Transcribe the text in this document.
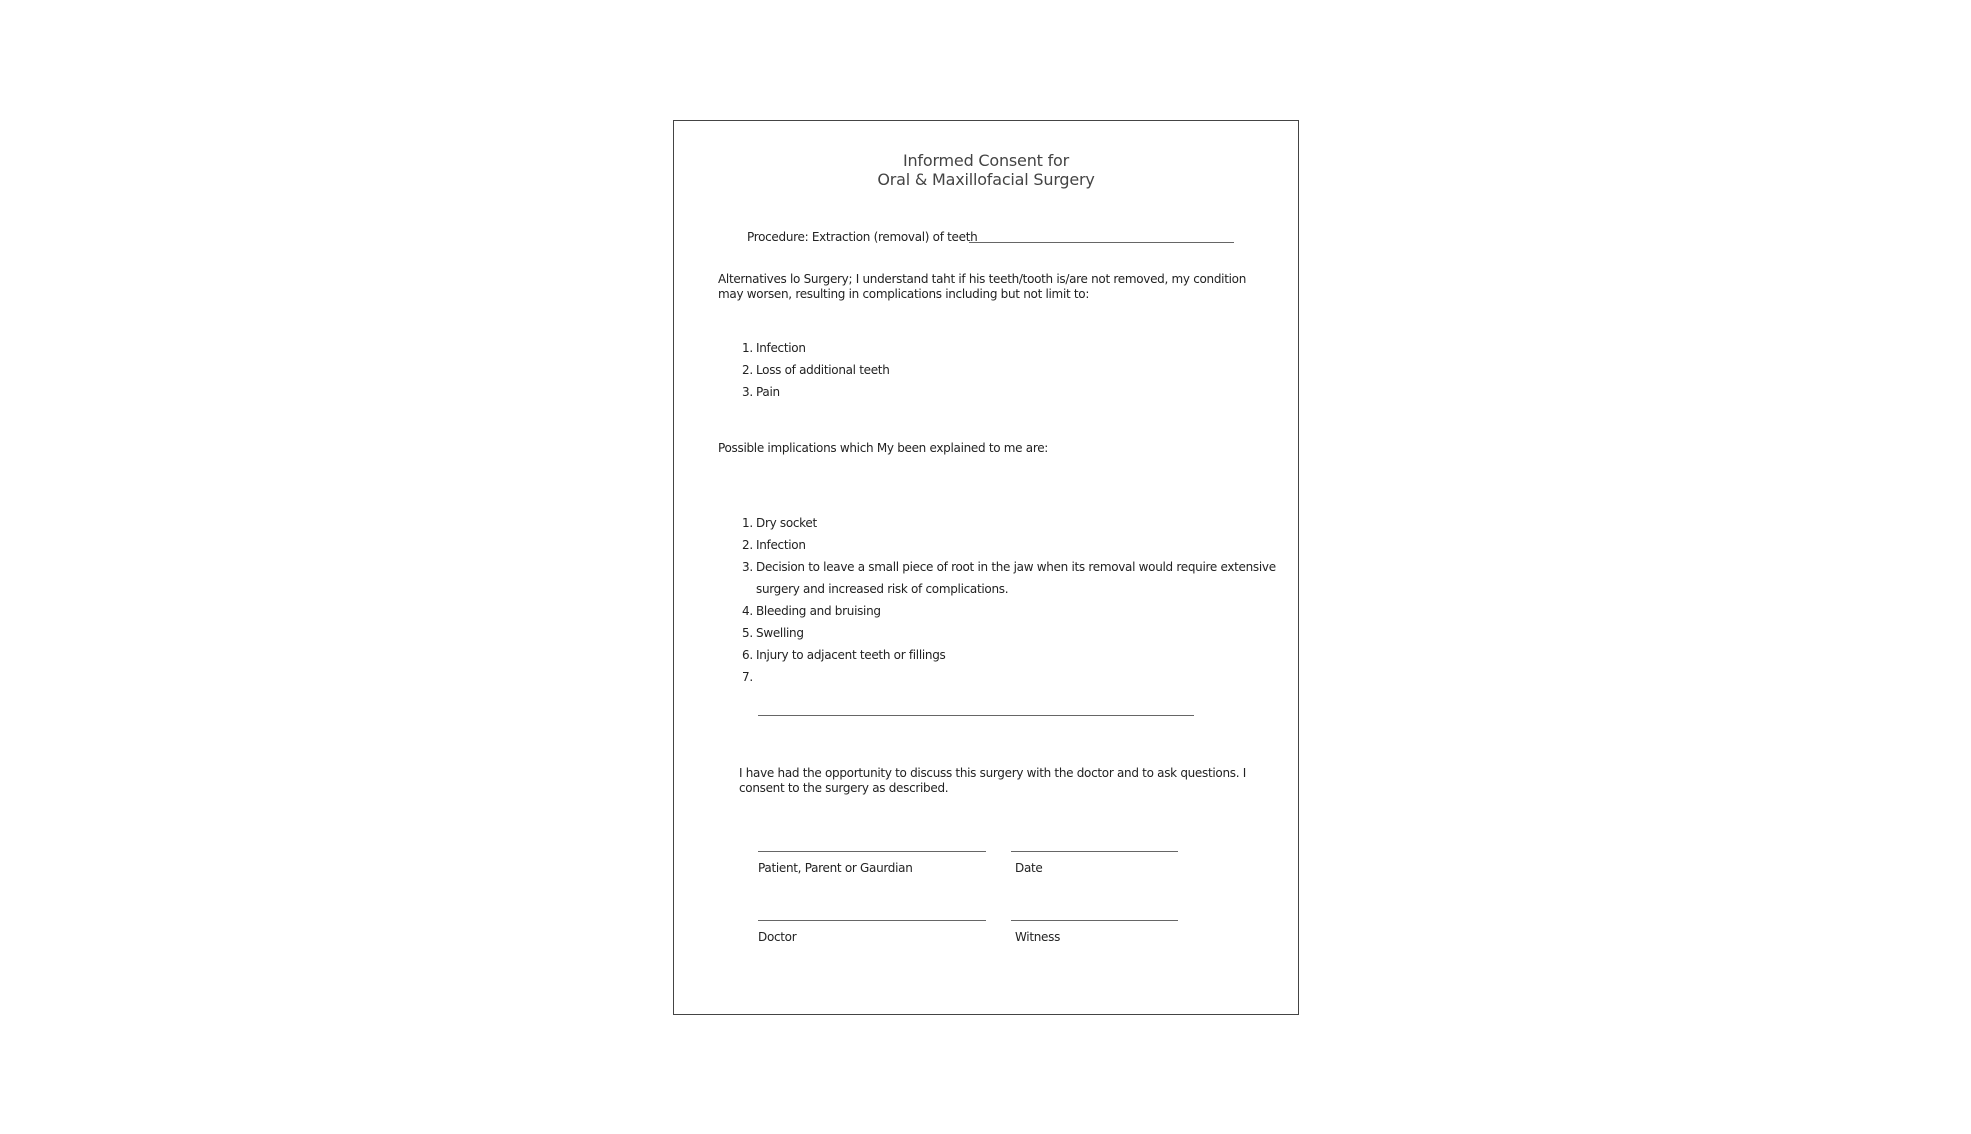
Informed Consent for
Oral & Maxillofacial Surgery
Procedure: Extraction (removal) of teeth
Alternatives lo Surgery; I understand taht if his teeth/tooth is/are not removed, my condition may worsen, resulting in complications including but not limit to:
1. Infection
2. Loss of additional teeth
3. Pain
Possible implications which My been explained to me are:
1. Dry socket
2. Infection
3. Decision to leave a small piece of root in the jaw when its removal would require extensive
surgery and increased risk of complications.
4. Bleeding and bruising
5. Swelling
6. Injury to adjacent teeth or fillings
7.
I have had the opportunity to discuss this surgery with the doctor and to ask questions. I consent to the surgery as described.
Patient, Parent or Gaurdian	Date
Doctor	Witness
